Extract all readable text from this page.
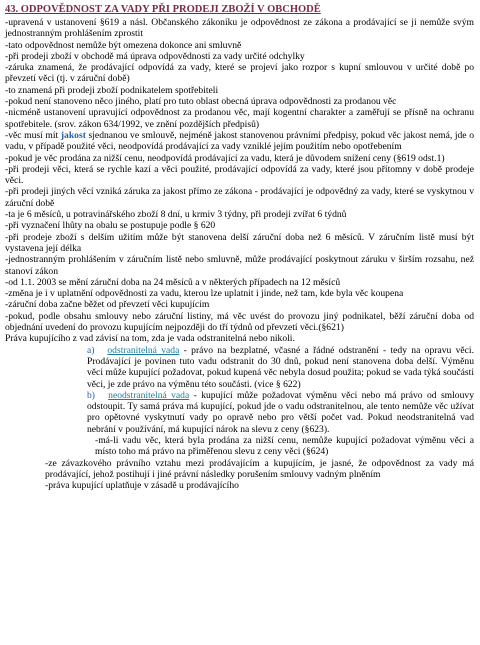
43. ODPOVĚDNOST ZA VADY PŘI PRODEJI ZBOŽÍ V OBCHODĚ

-upravená v ustanovení §619 a násl. Občanského zákoníku je odpovědnost ze zákona a prodávající se ji nemůže svým jednostranným prohlášením zprostit

-tato odpovědnost nemůže být omezena dokonce ani smluvně

-při prodeji zboží v obchodě má úprava odpovědnosti za vady určité odchylky

-záruka znamená, že prodávající odpovídá za vady, které se projeví jako rozpor s kupní smlouvou v určité době po převzetí věci (tj. v záruční době)

-to znamená při prodeji zboží podnikatelem spotřebiteli

-pokud není stanoveno něco jiného, platí pro tuto oblast obecná úprava odpovědnosti za prodanou věc

-nicméně ustanovení upravující odpovědnost za prodanou věc, mají kogentní charakter a zaměřují se přísně na ochranu spotřebitele. (srov. zákon 634/1992, ve znění pozdějších předpisů)

-věc musí mít jakost sjednanou ve smlouvě, nejméně jakost stanovenou právními předpisy, pokud věc jakost nemá, jde o vadu, v případě použité věci, neodpovídá prodávající za vady vzniklé jejím použitím nebo opotřebením

-pokud je věc prodána za nižší cenu, neodpovídá prodávající za vadu, která je důvodem snížení ceny (§619 odst.1)

-při prodeji věci, která se rychle kazí a věci použité, prodávající odpovídá za vady, které jsou přítomny v době prodeje věci.

-při prodeji jiných věcí vzniká záruka za jakost přímo ze zákona - prodávající je odpovědný za vady, které se vyskytnou v záruční době

-ta je 6 měsíců, u potravinářského zboží 8 dní, u krmiv 3 týdny, při prodeji zvířat 6 týdnů

-při vyznačení lhůty na obalu se postupuje podle § 620

-při prodeje zboží s delším užitím může být stanovena delší záruční doba než 6 měsíců. V záručním listě musí být vystavena její délka

-jednostranným prohlášením v záručním listě nebo smluvně, může prodávající poskytnout záruku v širším rozsahu, než stanoví zákon

-od 1.1. 2003 se mění záruční doba na 24 měsíců a v některých případech na 12 měsíců

-změna je i v uplatnění odpovědnosti za vadu, kterou lze uplatnit i jinde, než tam, kde byla věc koupena

-záruční doba začne běžet od převzetí věci kupujícím

-pokud, podle obsahu smlouvy nebo záruční listiny, má věc uvést do provozu jiný podnikatel, běží záruční doba od objednání uvedení do provozu kupujícím nejpozději do tří týdnů od převzetí věci.(§621)

Práva kupujícího z vad závisí na tom, zda je vada odstranitelná nebo nikoli.

a) odstranitelná vada - právo na bezplatné, včasné a řádné odstranění - tedy na opravu věci. Prodávající je povinen tuto vadu odstranit do 30 dnů, pokud není stanovena doba delší. Výměnu věci může kupující požadovat, pokud kupená věc nebyla dosud použita; pokud se vada týká součásti věci, je zde právo na výměnu této součásti. (vice § 622)

b) neodstranitelná vada - kupující může požadovat výměnu věci nebo má právo od smlouvy odstoupit. Ty samá práva má kupující, pokud jde o vadu odstranitelnou, ale tento nemůže věc užívat pro opětovné vyskytnutí vady po opravě nebo pro větší počet vad. Pokud neodstranitelná vad nebrání v používání, má kupující nárok na slevu z ceny (§623).

-má-li vadu věc, která byla prodána za nižší cenu, nemůže kupující požadovat výměnu věci a místo toho má právo na přiměřenou slevu z ceny věci (§624)

-ze závazkového právního vztahu mezi prodávajícím a kupujícím, je jasné, že odpovědnost za vady má prodávající, jehož postihují i jiné právní následky porušením smlouvy vadným plněním

-práva kupující uplatňuje v zásadě u prodávajícího
